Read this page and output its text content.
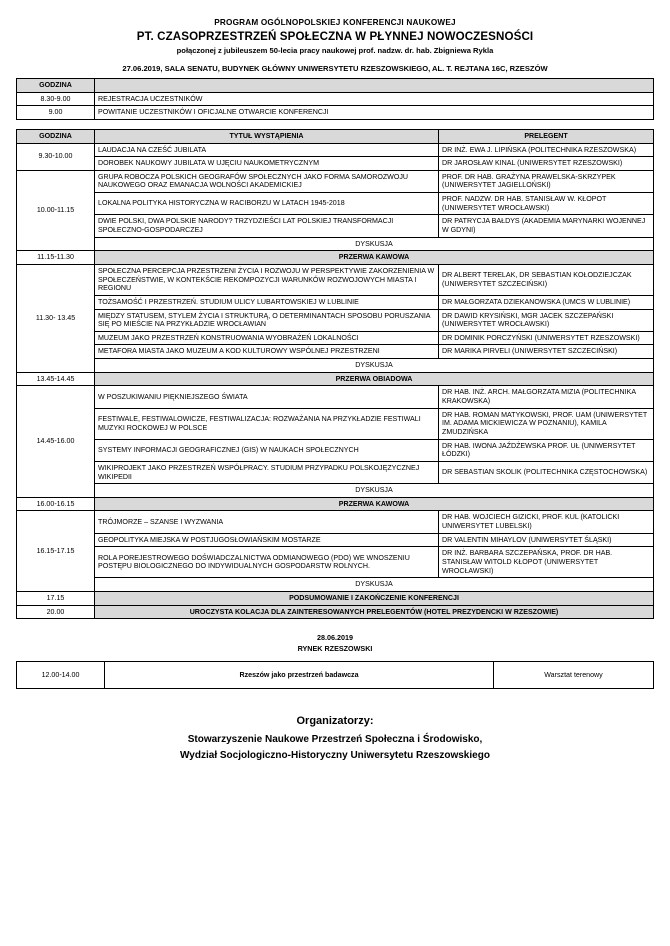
PROGRAM OGÓLNOPOLSKIEJ KONFERENCJI NAUKOWEJ
PT. CZASOPRZESTRZEŃ SPOŁECZNA W PŁYNNEJ NOWOCZESNOŚCI
połączonej z jubileuszem 50-lecia pracy naukowej prof. nadzw. dr. hab. Zbigniewa Rykla
27.06.2019, SALA SENATU, BUDYNEK GŁÓWNY UNIWERSYTETU RZESZOWSKIEGO, AL. T. REJTANA 16C, RZESZÓW
GODZINA	
8.30-9.00	REJESTRACJA UCZESTNIKÓW
9.00	POWITANIE UCZESTNIKÓW I OFICJALNE OTWARCIE KONFERENCJI
GODZINA	TYTUŁ WYSTĄPIENIA	PRELEGENT
9.30-10.00	LAUDACJA NA CZEŚĆ JUBILATA	DR INŻ. EWA J. LIPIŃSKA (POLITECHNIKA RZESZOWSKA)
	DOROBEK NAUKOWY JUBILATA W UJĘCIU NAUKOMETRYCZNYM	DR JAROSŁAW KINAL (UNIWERSYTET RZESZOWSKI)
10.00-11.15	GRUPA ROBOCZA POLSKICH GEOGRAFÓW SPOŁECZNYCH JAKO FORMA SAMOROZWOJU NAUKOWEGO ORAZ EMANACJA WOLNOŚCI AKADEMICKIEJ	PROF. DR HAB. GRAŻYNA PRAWELSKA-SKRZYPEK (UNIWERSYTET JAGIELLOŃSKI)
	LOKALNA POLITYKA HISTORYCZNA W RACIBORZU W LATACH 1945-2018	PROF. NADZW. DR HAB. STANISŁAW W. KŁOPOT (UNIWERSYTET WROCŁAWSKI)
	DWIE POLSKI, DWA POLSKIE NARODY? TRZYDZIEŚCI LAT POLSKIEJ TRANSFORMACJI SPOŁECZNO-GOSPODARCZEJ	DR PATRYCJA BAŁDYS (AKADEMIA MARYNARKI WOJENNEJ W GDYNI)
	DYSKUSJA	
11.15-11.30	PRZERWA KAWOWA	
11.30- 13.45	SPOŁECZNA PERCEPCJA PRZESTRZENI ŻYCIA I ROZWOJU W PERSPEKTYWIE ZAKORZENIENIA W SPOŁECZEŃSTWIE, W KONTEKŚCIE REKOMPOZYCJI WARUNKÓW ROZWOJOWYCH MIASTA I REGIONU	DR ALBERT TERELAK, DR SEBASTIAN KOŁODZIEJCZAK (UNIWERSYTET SZCZECIŃSKI)
	TOŻSAMOŚĆ I PRZESTRZEŃ. STUDIUM ULICY LUBARTOWSKIEJ W LUBLINIE	DR MAŁGORZATA DZIEKANOWSKA (UMCS W LUBLINIE)
	MIĘDZY STATUSEM, STYLEM ŻYCIA I STRUKTURĄ, O DETERMINANTACH SPOSOBU PORUSZANIA SIĘ PO MIEŚCIE NA PRZYKŁADZIE WROCŁAWIAN	DR DAWID KRYSIŃSKI, MGR JACEK SZCZEPAŃSKI (UNIWERSYTET WROCŁAWSKI)
	MUZEUM JAKO PRZESTRZEŃ KONSTRUOWANIA WYOBRAŻEŃ LOKALNOŚCI	DR DOMINIK PORCZYŃSKI (UNIWERSYTET RZESZOWSKI)
	METAFORA MIASTA JAKO MUZEUM A KOD KULTUROWY WSPÓLNEJ PRZESTRZENI	DR MARIKA PIRVELI (UNIWERSYTET SZCZECIŃSKI)
	DYSKUSJA	
13.45-14.45	PRZERWA OBIADOWA	
14.45-16.00	W POSZUKIWANIU PIĘKNIEJSZEGO ŚWIATA	DR HAB. INŻ. ARCH. MAŁGORZATA MIZIA (POLITECHNIKA KRAKOWSKA)
	FESTIWALE, FESTIWALOWICZE, FESTIWALIZACJA: ROZWAŻANIA NA PRZYKŁADZIE FESTIWALI MUZYKI ROCKOWEJ W POLSCE	DR HAB. ROMAN MATYKOWSKI, PROF. UAM (UNIWERSYTET IM. ADAMA MICKIEWICZA W POZNANIU), KAMILA ZMUDZIŃSKA
	SYSTEMY INFORMACJI GEOGRAFICZNEJ (GIS) W NAUKACH SPOŁECZNYCH	DR HAB. IWONA JAŹDŻEWSKA PROF. UŁ (UNIWERSYTET ŁÓDZKI)
	WIKIPROJEKT JAKO PRZESTRZEŃ WSPÓŁPRACY. STUDIUM PRZYPADKU POLSKOJĘZYCZNEJ WIKIPEDII	DR SEBASTIAN SKOLIK (POLITECHNIKA CZĘSTOCHOWSKA)
	DYSKUSJA	
16.00-16.15	PRZERWA KAWOWA	
16.15-17.15	TRÓJMORZE – SZANSE I WYZWANIA	DR HAB. WOJCIECH GIZICKI, PROF. KUL (KATOLICKI UNIWERSYTET LUBELSKI)
	GEOPOLITYKA MIEJSKA W POSTJUGOSŁOWIAŃSKIM MOSTARZE	DR VALENTIN MIHAYLOV (UNIWERSYTET ŚLĄSKI)
	ROLA POREJESTROWEGO DOŚWIADCZALNICTWA ODMIANOWEGO (PDO) WE WNOSZENIU POSTĘPU BIOLOGICZNEGO DO INDYWIDUALNYCH GOSPODARSTW ROLNYCH.	DR INŻ. BARBARA SZCZEPAŃSKA, PROF. DR HAB. STANISŁAW WITOLD KŁOPOT (UNIWERSYTET WROCŁAWSKI)
	DYSKUSJA	
17.15	PODSUMOWANIE I ZAKOŃCZENIE KONFERENCJI	
20.00	UROCZYSTA KOLACJA DLA ZAINTERESOWANYCH PRELEGENTÓW (HOTEL PREZYDENCKI W RZESZOWIE)	
28.06.2019
RYNEK RZESZOWSKI
12.00-14.00	Rzeszów jako przestrzeń badawcza	Warsztat terenowy
Organizatorzy:
Stowarzyszenie Naukowe Przestrzeń Społeczna i Środowisko,
Wydział Socjologiczno-Historyczny Uniwersytetu Rzeszowskiego
